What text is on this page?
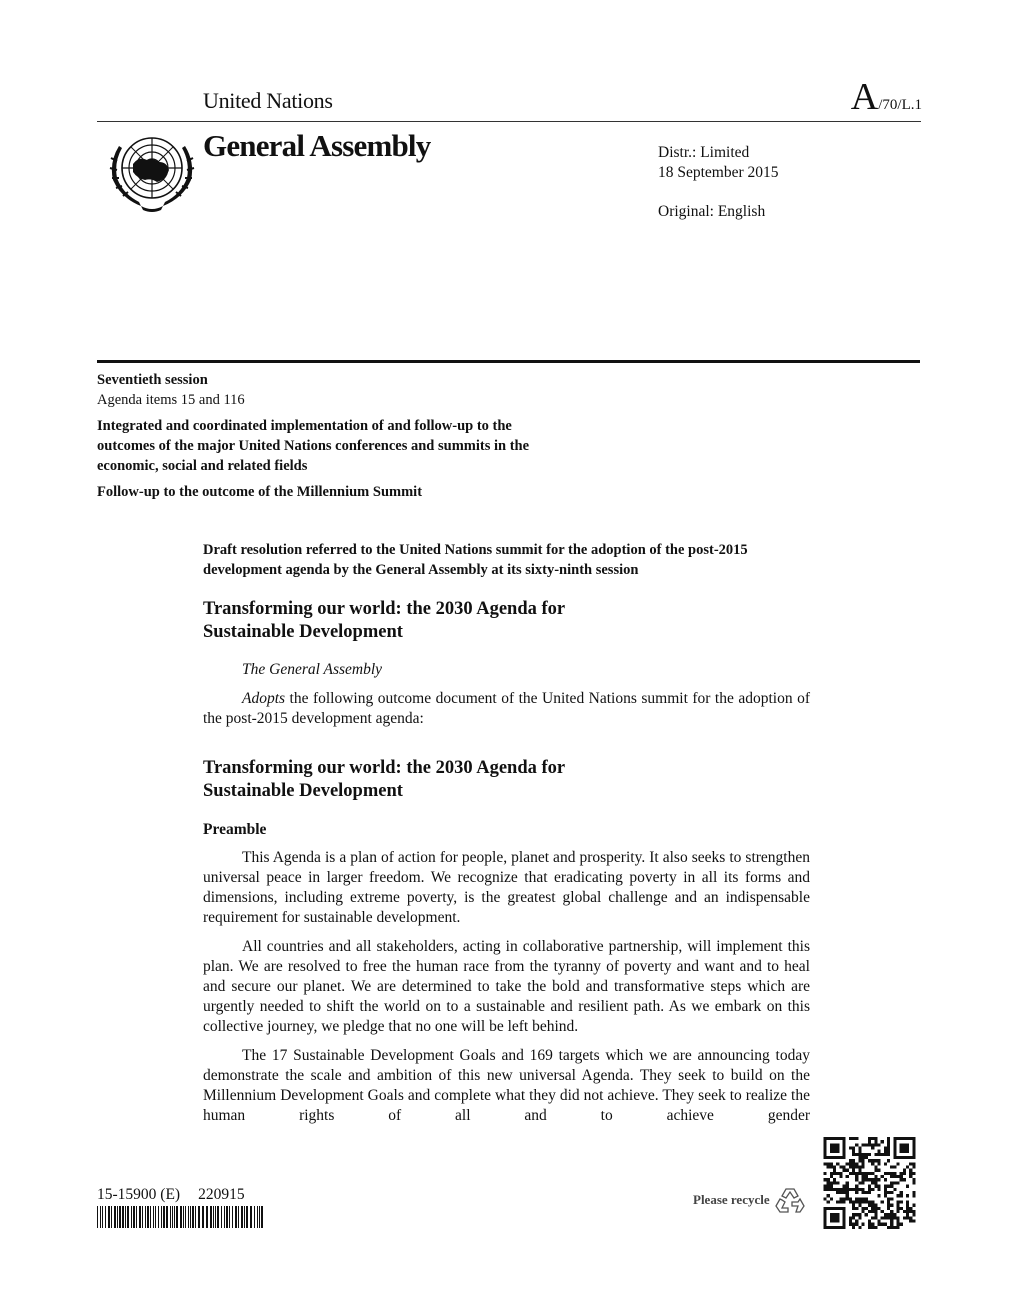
United Nations	A/70/L.1
General Assembly	Distr.: Limited
18 September 2015
Original: English
Seventieth session
Agenda items 15 and 116
Integrated and coordinated implementation of and follow-up to the outcomes of the major United Nations conferences and summits in the economic, social and related fields
Follow-up to the outcome of the Millennium Summit
Draft resolution referred to the United Nations summit for the adoption of the post-2015 development agenda by the General Assembly at its sixty-ninth session
Transforming our world: the 2030 Agenda for
Sustainable Development
The General Assembly
Adopts the following outcome document of the United Nations summit for the adoption of the post-2015 development agenda:
Transforming our world: the 2030 Agenda for
Sustainable Development
Preamble
This Agenda is a plan of action for people, planet and prosperity. It also seeks to strengthen universal peace in larger freedom. We recognize that eradicating poverty in all its forms and dimensions, including extreme poverty, is the greatest global challenge and an indispensable requirement for sustainable development.
All countries and all stakeholders, acting in collaborative partnership, will implement this plan. We are resolved to free the human race from the tyranny of poverty and want and to heal and secure our planet. We are determined to take the bold and transformative steps which are urgently needed to shift the world on to a sustainable and resilient path. As we embark on this collective journey, we pledge that no one will be left behind.
The 17 Sustainable Development Goals and 169 targets which we are announcing today demonstrate the scale and ambition of this new universal Agenda. They seek to build on the Millennium Development Goals and complete what they did not achieve. They seek to realize the human rights of all and to achieve gender
15-15900 (E) 220915	Please recycle
